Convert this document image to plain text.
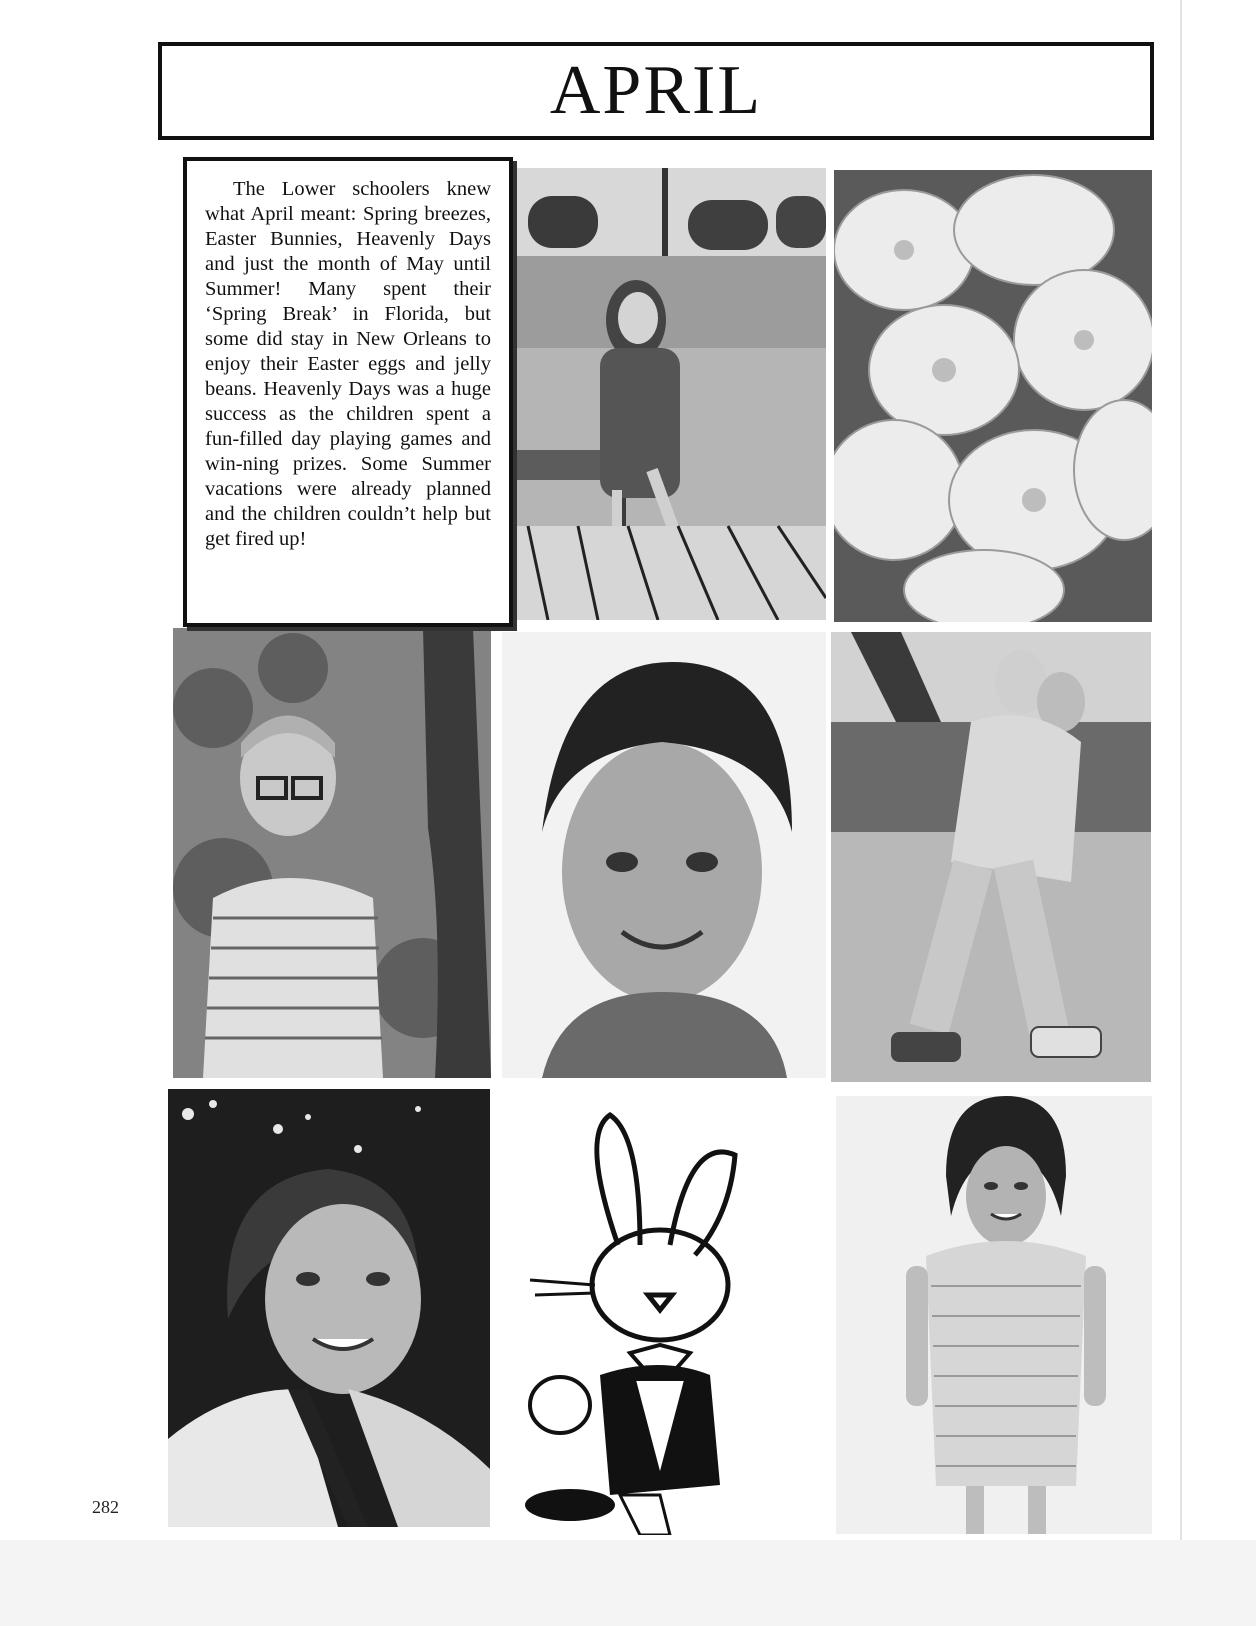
APRIL

The Lower schoolers knew what April meant: Spring breezes, Easter Bunnies, Heavenly Days and just the month of May until Summer! Many spent their ‘Spring Break’ in Florida, but some did stay in New Orleans to enjoy their Easter eggs and jelly beans. Heavenly Days was a huge success as the children spent a fun-filled day playing games and win-ning prizes. Some Summer vacations were already planned and the children couldn’t help but get fired up!

282
